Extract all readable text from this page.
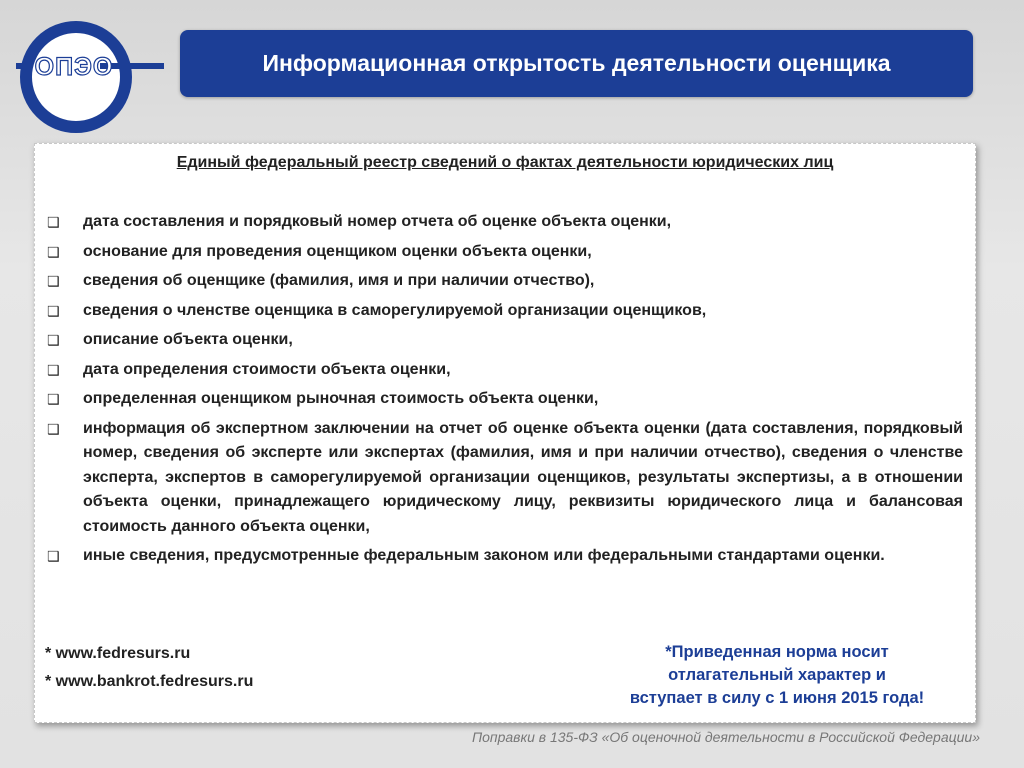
ОПЭО	Информационная открытость деятельности оценщика
Единый федеральный реестр сведений о фактах деятельности юридических лиц
❑ дата составления и порядковый номер отчета об оценке объекта оценки,
❑ основание для проведения оценщиком оценки объекта оценки,
❑ сведения об оценщике (фамилия, имя и при наличии отчество),
❑ сведения о членстве оценщика в саморегулируемой организации оценщиков,
❑ описание объекта оценки,
❑ дата определения стоимости объекта оценки,
❑ определенная оценщиком рыночная стоимость объекта оценки,
❑ информация об экспертном заключении на отчет об оценке объекта оценки (дата составления, порядковый номер, сведения об эксперте или экспертах (фамилия, имя и при наличии отчество), сведения о членстве эксперта, экспертов в саморегулируемой организации оценщиков, результаты экспертизы, а в отношении объекта оценки, принадлежащего юридическому лицу, реквизиты юридического лица и балансовая стоимость данного объекта оценки,
❑ иные сведения, предусмотренные федеральным законом или федеральными стандартами оценки.
* www.fedresurs.ru
* www.bankrot.fedresurs.ru
*Приведенная норма носит
отлагательный характер и
вступает в силу с 1 июня 2015 года!
Поправки в 135-ФЗ «Об оценочной деятельности в Российской Федерации»
